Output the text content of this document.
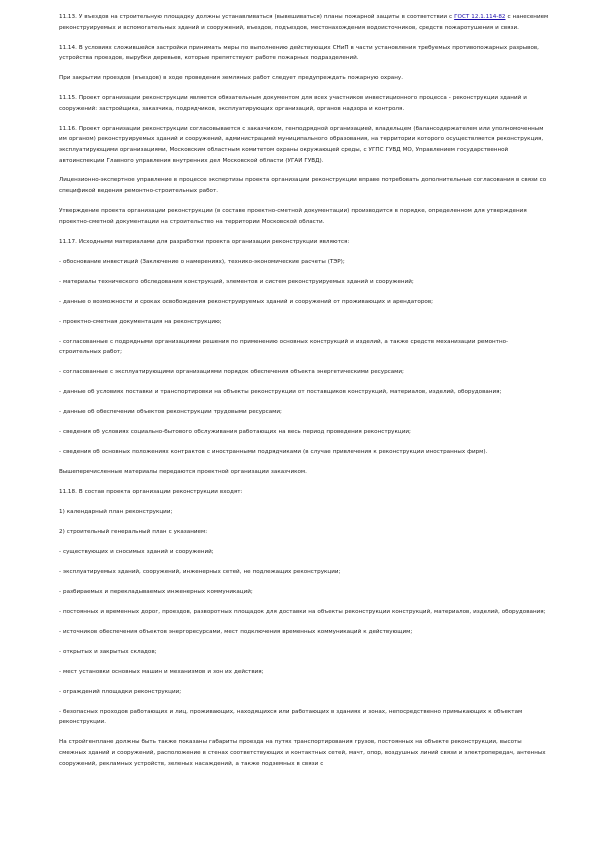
11.13. У въездов на строительную площадку должны устанавливаться (вывешиваться) планы пожарной защиты в соответствии с ГОСТ 12.1.114-82 с нанесением реконструируемых и вспомогательных зданий и сооружений, въездов, подъездов, местонахождения водоисточников, средств пожаротушения и связи.

11.14. В условиях сложившейся застройки принимать меры по выполнению действующих СНиП в части установления требуемых противопожарных разрывов, устройства проездов, вырубки деревьев, которые препятствуют работе пожарных подразделений.

При закрытии проездов (въездов) в ходе проведения земляных работ следует предупреждать пожарную охрану.

11.15. Проект организации реконструкции является обязательным документом для всех участников инвестиционного процесса - реконструкции зданий и сооружений: застройщика, заказчика, подрядчиков, эксплуатирующих организаций, органов надзора и контроля.

11.16. Проект организации реконструкции согласовывается с заказчиком, генподрядной организацией, владельцем (балансодержателем или уполномоченным им органом) реконструируемых зданий и сооружений, администрацией муниципального образования, на территории которого осуществляется реконструкция, эксплуатирующими организациями, Московским областным комитетом охраны окружающей среды, с УГПС ГУВД МО, Управлением государственной автоинспекции Главного управления внутренних дел Московской области (УГАИ ГУВД).

Лицензионно-экспертное управление в процессе экспертизы проекта организации реконструкции вправе потребовать дополнительные согласования в связи со спецификой ведения ремонтно-строительных работ.

Утверждение проекта организации реконструкции (в составе проектно-сметной документации) производится в порядке, определенном для утверждения проектно-сметной документации на строительство на территории Московской области.

11.17. Исходными материалами для разработки проекта организации реконструкции являются:

- обоснование инвестиций (Заключение о намерениях), технико-экономические расчеты (ТЭР);

- материалы технического обследования конструкций, элементов и систем реконструируемых зданий и сооружений;

- данные о возможности и сроках освобождения реконструируемых зданий и сооружений от проживающих и арендаторов;

- проектно-сметная документация на реконструкцию;

- согласованные с подрядными организациями решения по применению основных конструкций и изделий, а также средств механизации ремонтно-строительных работ;

- согласованные с эксплуатирующими организациями порядок обеспечения объекта энергетическими ресурсами;

- данные об условиях поставки и транспортировки на объекты реконструкции от поставщиков конструкций, материалов, изделий, оборудования;

- данные об обеспечении объектов реконструкции трудовыми ресурсами;

- сведения об условиях социально-бытового обслуживания работающих на весь период проведения реконструкции;

- сведения об основных положениях контрактов с иностранными подрядчиками (в случае привлечения к реконструкции иностранных фирм).

Вышеперечисленные материалы передаются проектной организации заказчиком.

11.18. В состав проекта организации реконструкции входят:

1) календарный план реконструкции;

2) строительный генеральный план с указанием:

- существующих и сносимых зданий и сооружений;

- эксплуатируемых зданий, сооружений, инженерных сетей, не подлежащих реконструкции;

- разбираемых и перекладываемых инженерных коммуникаций;

- постоянных и временных дорог, проездов, разворотных площадок для доставки на объекты реконструкции конструкций, материалов, изделий, оборудования;

- источников обеспечения объектов энергоресурсами, мест подключения временных коммуникаций к действующим;

- открытых и закрытых складов;

- мест установки основных машин и механизмов и зон их действия;

- ограждений площадки реконструкции;

- безопасных проходов работающих и лиц, проживающих, находящихся или работающих в зданиях и зонах, непосредственно примыкающих к объектам реконструкции.

На стройгенплане должны быть также показаны габариты проезда на путях транспортирования грузов, постоянных на объекте реконструкции, высоты смежных зданий и сооружений, расположение в стенах соответствующих и контактных сетей, мачт, опор, воздушных линий связи и электропередач, антенных сооружений, рекламных устройств, зеленых насаждений, а также подземных в связи с
